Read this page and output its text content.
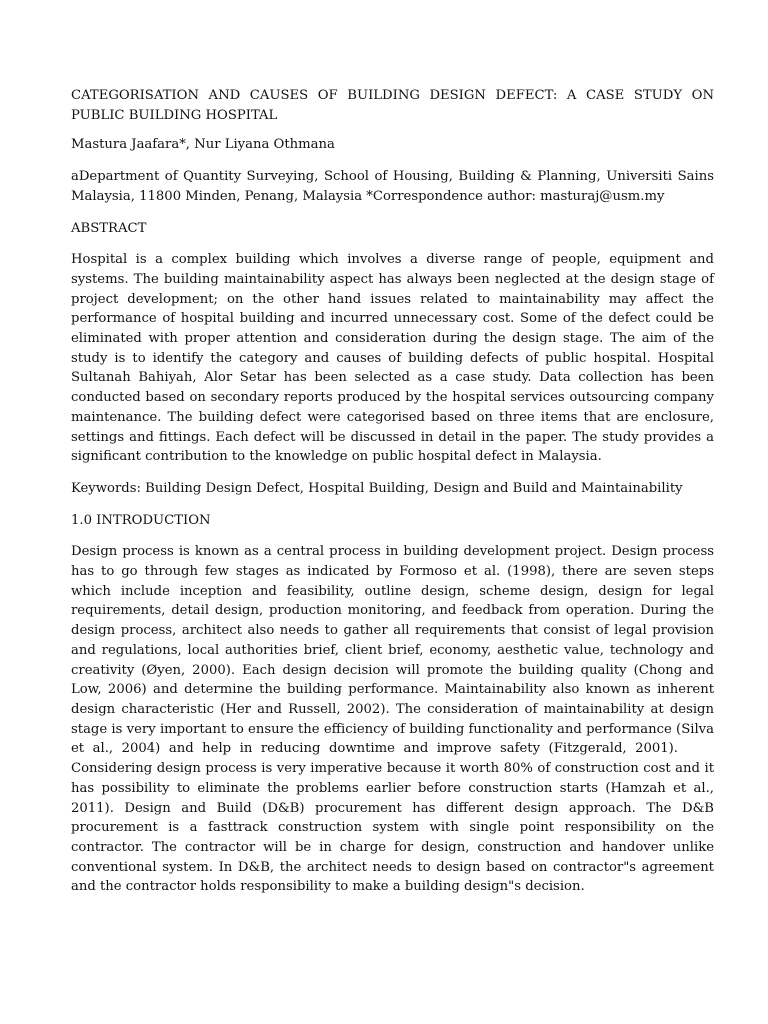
CATEGORISATION AND CAUSES OF BUILDING DESIGN DEFECT: A CASE STUDY ON PUBLIC BUILDING HOSPITAL

Mastura Jaafara*, Nur Liyana Othmana

aDepartment of Quantity Surveying, School of Housing, Building & Planning, Universiti Sains Malaysia, 11800 Minden, Penang, Malaysia *Correspondence author: masturaj@usm.my

ABSTRACT

Hospital is a complex building which involves a diverse range of people, equipment and systems. The building maintainability aspect has always been neglected at the design stage of project development; on the other hand issues related to maintainability may affect the performance of hospital building and incurred unnecessary cost. Some of the defect could be eliminated with proper attention and consideration during the design stage. The aim of the study is to identify the category and causes of building defects of public hospital. Hospital Sultanah Bahiyah, Alor Setar has been selected as a case study. Data collection has been conducted based on secondary reports produced by the hospital services outsourcing company maintenance. The building defect were categorised based on three items that are enclosure, settings and fittings. Each defect will be discussed in detail in the paper. The study provides a significant contribution to the knowledge on public hospital defect in Malaysia.

Keywords: Building Design Defect, Hospital Building, Design and Build and Maintainability

1.0 INTRODUCTION

Design process is known as a central process in building development project. Design process has to go through few stages as indicated by Formoso et al. (1998), there are seven steps which include inception and feasibility, outline design, scheme design, design for legal requirements, detail design, production monitoring, and feedback from operation. During the design process, architect also needs to gather all requirements that consist of legal provision and regulations, local authorities brief, client brief, economy, aesthetic value, technology and creativity (Øyen, 2000). Each design decision will promote the building quality (Chong and Low, 2006) and determine the building performance. Maintainability also known as inherent design characteristic (Her and Russell, 2002). The consideration of maintainability at design stage is very important to ensure the efficiency of building functionality and performance (Silva et al., 2004) and help in reducing downtime and improve safety (Fitzgerald, 2001).Considering design process is very imperative because it worth 80% of construction cost and it has possibility to eliminate the problems earlier before construction starts (Hamzah et al., 2011). Design and Build (D&B) procurement has different design approach. The D&B procurement is a fasttrack construction system with single point responsibility on the contractor. The contractor will be in charge for design, construction and handover unlike conventional system. In D&B, the architect needs to design based on contractor"s agreement and the contractor holds responsibility to make a building design"s decision.
